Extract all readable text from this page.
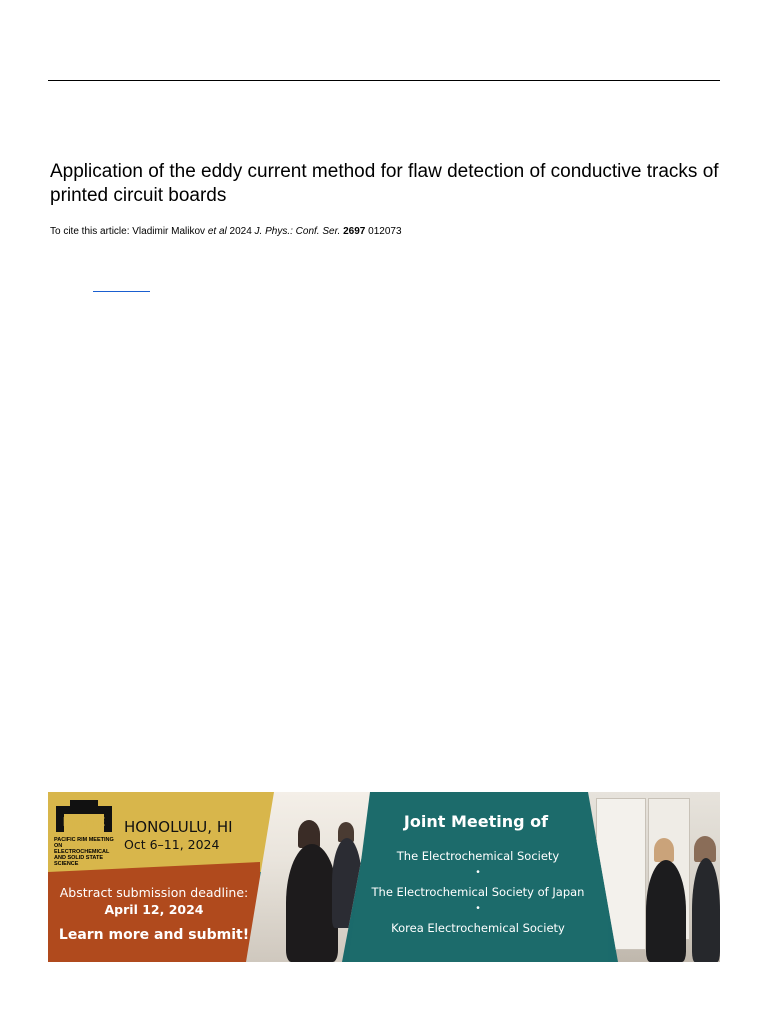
Application of the eddy current method for flaw detection of conductive tracks of printed circuit boards
To cite this article: Vladimir Malikov et al 2024 J. Phys.: Conf. Ser. 2697 012073
PRIME
PACIFIC RIM MEETING ON ELECTROCHEMICAL AND SOLID STATE SCIENCE
HONOLULU, HI
Oct 6–11, 2024
Abstract submission deadline:
April 12, 2024
Learn more and submit!
Joint Meeting of
The Electrochemical Society
•
The Electrochemical Society of Japan
•
Korea Electrochemical Society
